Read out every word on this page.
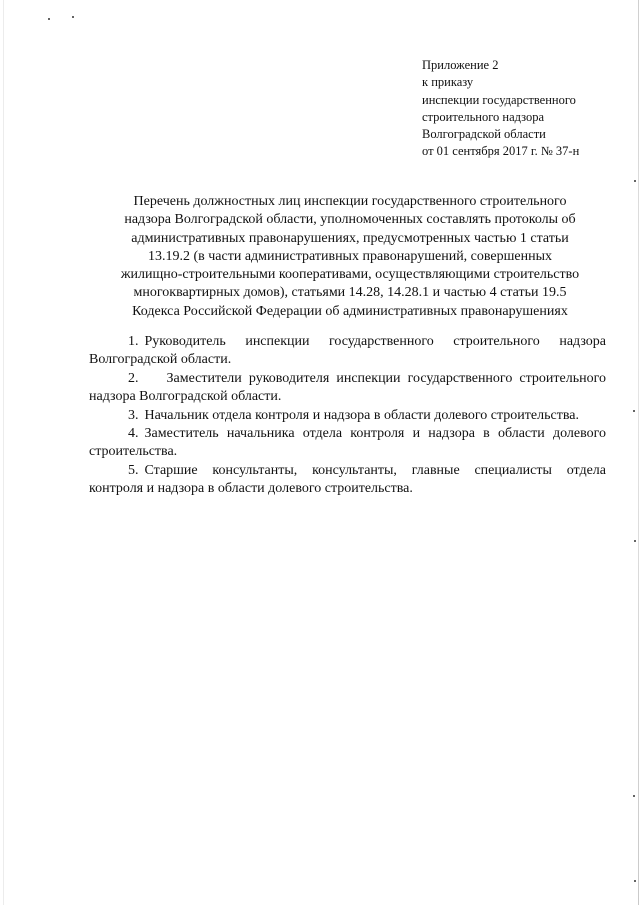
Приложение 2
к приказу
инспекции государственного
строительного надзора
Волгоградской области
от 01 сентября 2017 г. № 37-н
Перечень должностных лиц инспекции государственного строительного
надзора Волгоградской области, уполномоченных составлять протоколы об
административных правонарушениях, предусмотренных частью 1 статьи
13.19.2 (в части административных правонарушений, совершенных
жилищно-строительными кооперативами, осуществляющими строительство
многоквартирных домов), статьями 14.28, 14.28.1 и частью 4 статьи 19.5
Кодекса Российской Федерации об административных правонарушениях

1. Руководитель инспекции государственного строительного надзора Волгоградской области.

2. Заместители руководителя инспекции государственного строительного надзора Волгоградской области.

3. Начальник отдела контроля и надзора в области долевого строительства.

4. Заместитель начальника отдела контроля и надзора в области долевого строительства.

5. Старшие консультанты, консультанты, главные специалисты отдела контроля и надзора в области долевого строительства.
